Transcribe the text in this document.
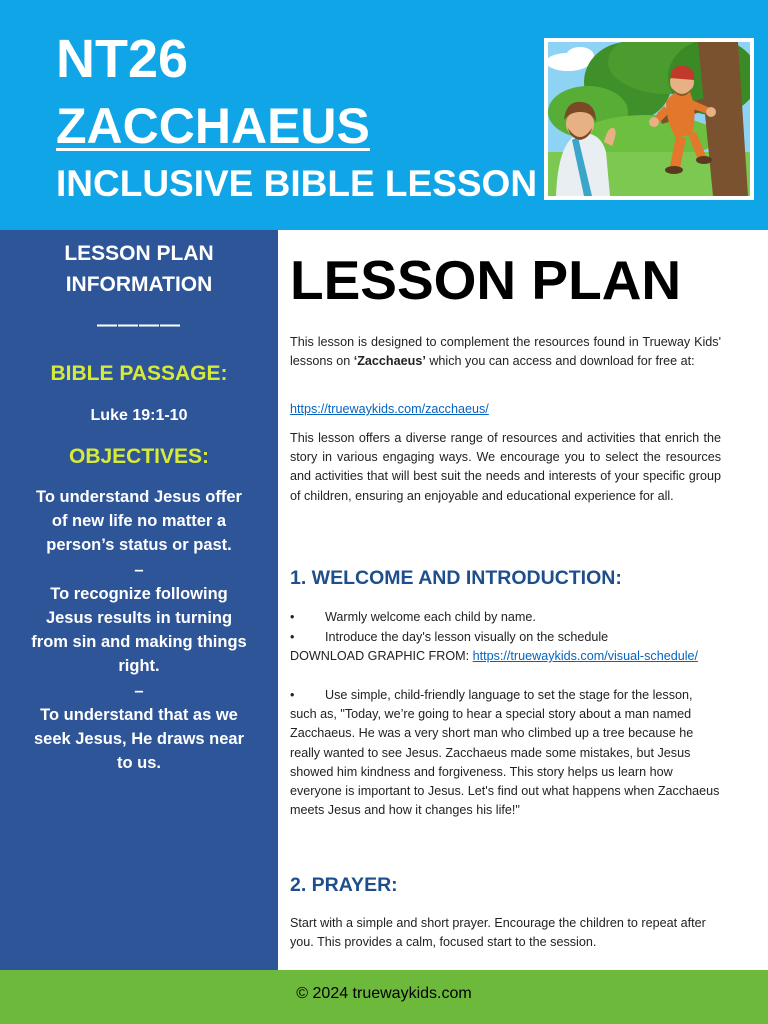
NT26
ZACCHAEUS
INCLUSIVE BIBLE LESSON
LESSON PLAN
INFORMATION
————
BIBLE PASSAGE:
Luke 19:1-10
OBJECTIVES:
To understand Jesus offer of new life no matter a person’s status or past.
–
To recognize following Jesus results in turning from sin and making things right.
–
To understand that as we seek Jesus, He draws near to us.
LESSON PLAN
This lesson is designed to complement the resources found in Trueway Kids' lessons on ‘Zacchaeus’ which you can access and download for free at:
https://truewaykids.com/zacchaeus/
This lesson offers a diverse range of resources and activities that enrich the story in various engaging ways. We encourage you to select the resources and activities that will best suit the needs and interests of your specific group of children, ensuring an enjoyable and educational experience for all.
1. WELCOME AND INTRODUCTION:
• Warmly welcome each child by name.
• Introduce the day's lesson visually on the schedule
DOWNLOAD GRAPHIC FROM: https://truewaykids.com/visual-schedule/
• Use simple, child-friendly language to set the stage for the lesson, such as, "Today, we’re going to hear a special story about a man named Zacchaeus. He was a very short man who climbed up a tree because he really wanted to see Jesus. Zacchaeus made some mistakes, but Jesus showed him kindness and forgiveness. This story helps us learn how everyone is important to Jesus. Let's find out what happens when Zacchaeus meets Jesus and how it changes his life!"
2. PRAYER:
Start with a simple and short prayer. Encourage the children to repeat after you. This provides a calm, focused start to the session.
© 2024 truewaykids.com
